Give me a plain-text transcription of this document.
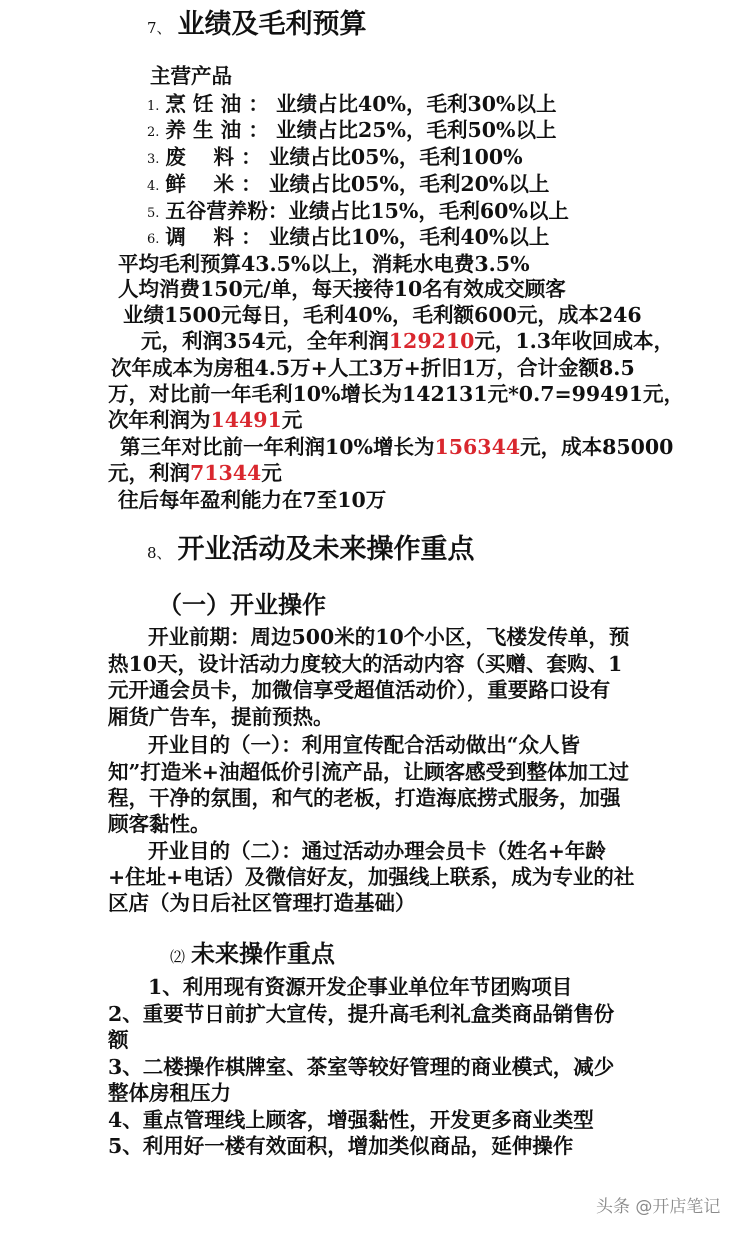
7、 业绩及毛利预算
主营产品
1. 烹 饪 油 ： 业绩占比40%，毛利30%以上
2. 养 生 油 ： 业绩占比25%，毛利50%以上
3. 废　 料 ： 业绩占比05%，毛利100%
4. 鲜　 米 ： 业绩占比05%，毛利20%以上
5. 五谷营养粉：业绩占比15%，毛利60%以上
6. 调　 料 ： 业绩占比10%，毛利40%以上
平均毛利预算43.5%以上，消耗水电费3.5%
人均消费150元/单，每天接待10名有效成交顾客
业绩1500元每日，毛利40%，毛利额600元，成本246
元，利润354元，全年利润129210元，1.3年收回成本，
次年成本为房租4.5万+人工3万+折旧1万，合计金额8.5
万，对比前一年毛利10%增长为142131元*0.7=99491元，
次年利润为14491元
第三年对比前一年利润10%增长为156344元，成本85000
元，利润71344元
往后每年盈利能力在7至10万
8、 开业活动及未来操作重点
（一）开业操作
开业前期：周边500米的10个小区，飞楼发传单，预
热10天，设计活动力度较大的活动内容（买赠、套购、1
元开通会员卡，加微信享受超值活动价），重要路口设有
厢货广告车，提前预热。
开业目的（一）：利用宣传配合活动做出“众人皆
知”打造米+油超低价引流产品，让顾客感受到整体加工过
程，干净的氛围，和气的老板，打造海底捞式服务，加强
顾客黏性。
开业目的（二）：通过活动办理会员卡（姓名+年龄
+住址+电话）及微信好友，加强线上联系，成为专业的社
区店（为日后社区管理打造基础）
⑵ 未来操作重点
1、利用现有资源开发企事业单位年节团购项目
2、重要节日前扩大宣传，提升高毛利礼盒类商品销售份
额
3、二楼操作棋牌室、茶室等较好管理的商业模式，减少
整体房租压力
4、重点管理线上顾客，增强黏性，开发更多商业类型
5、利用好一楼有效面积，增加类似商品，延伸操作
头条 @开店笔记
